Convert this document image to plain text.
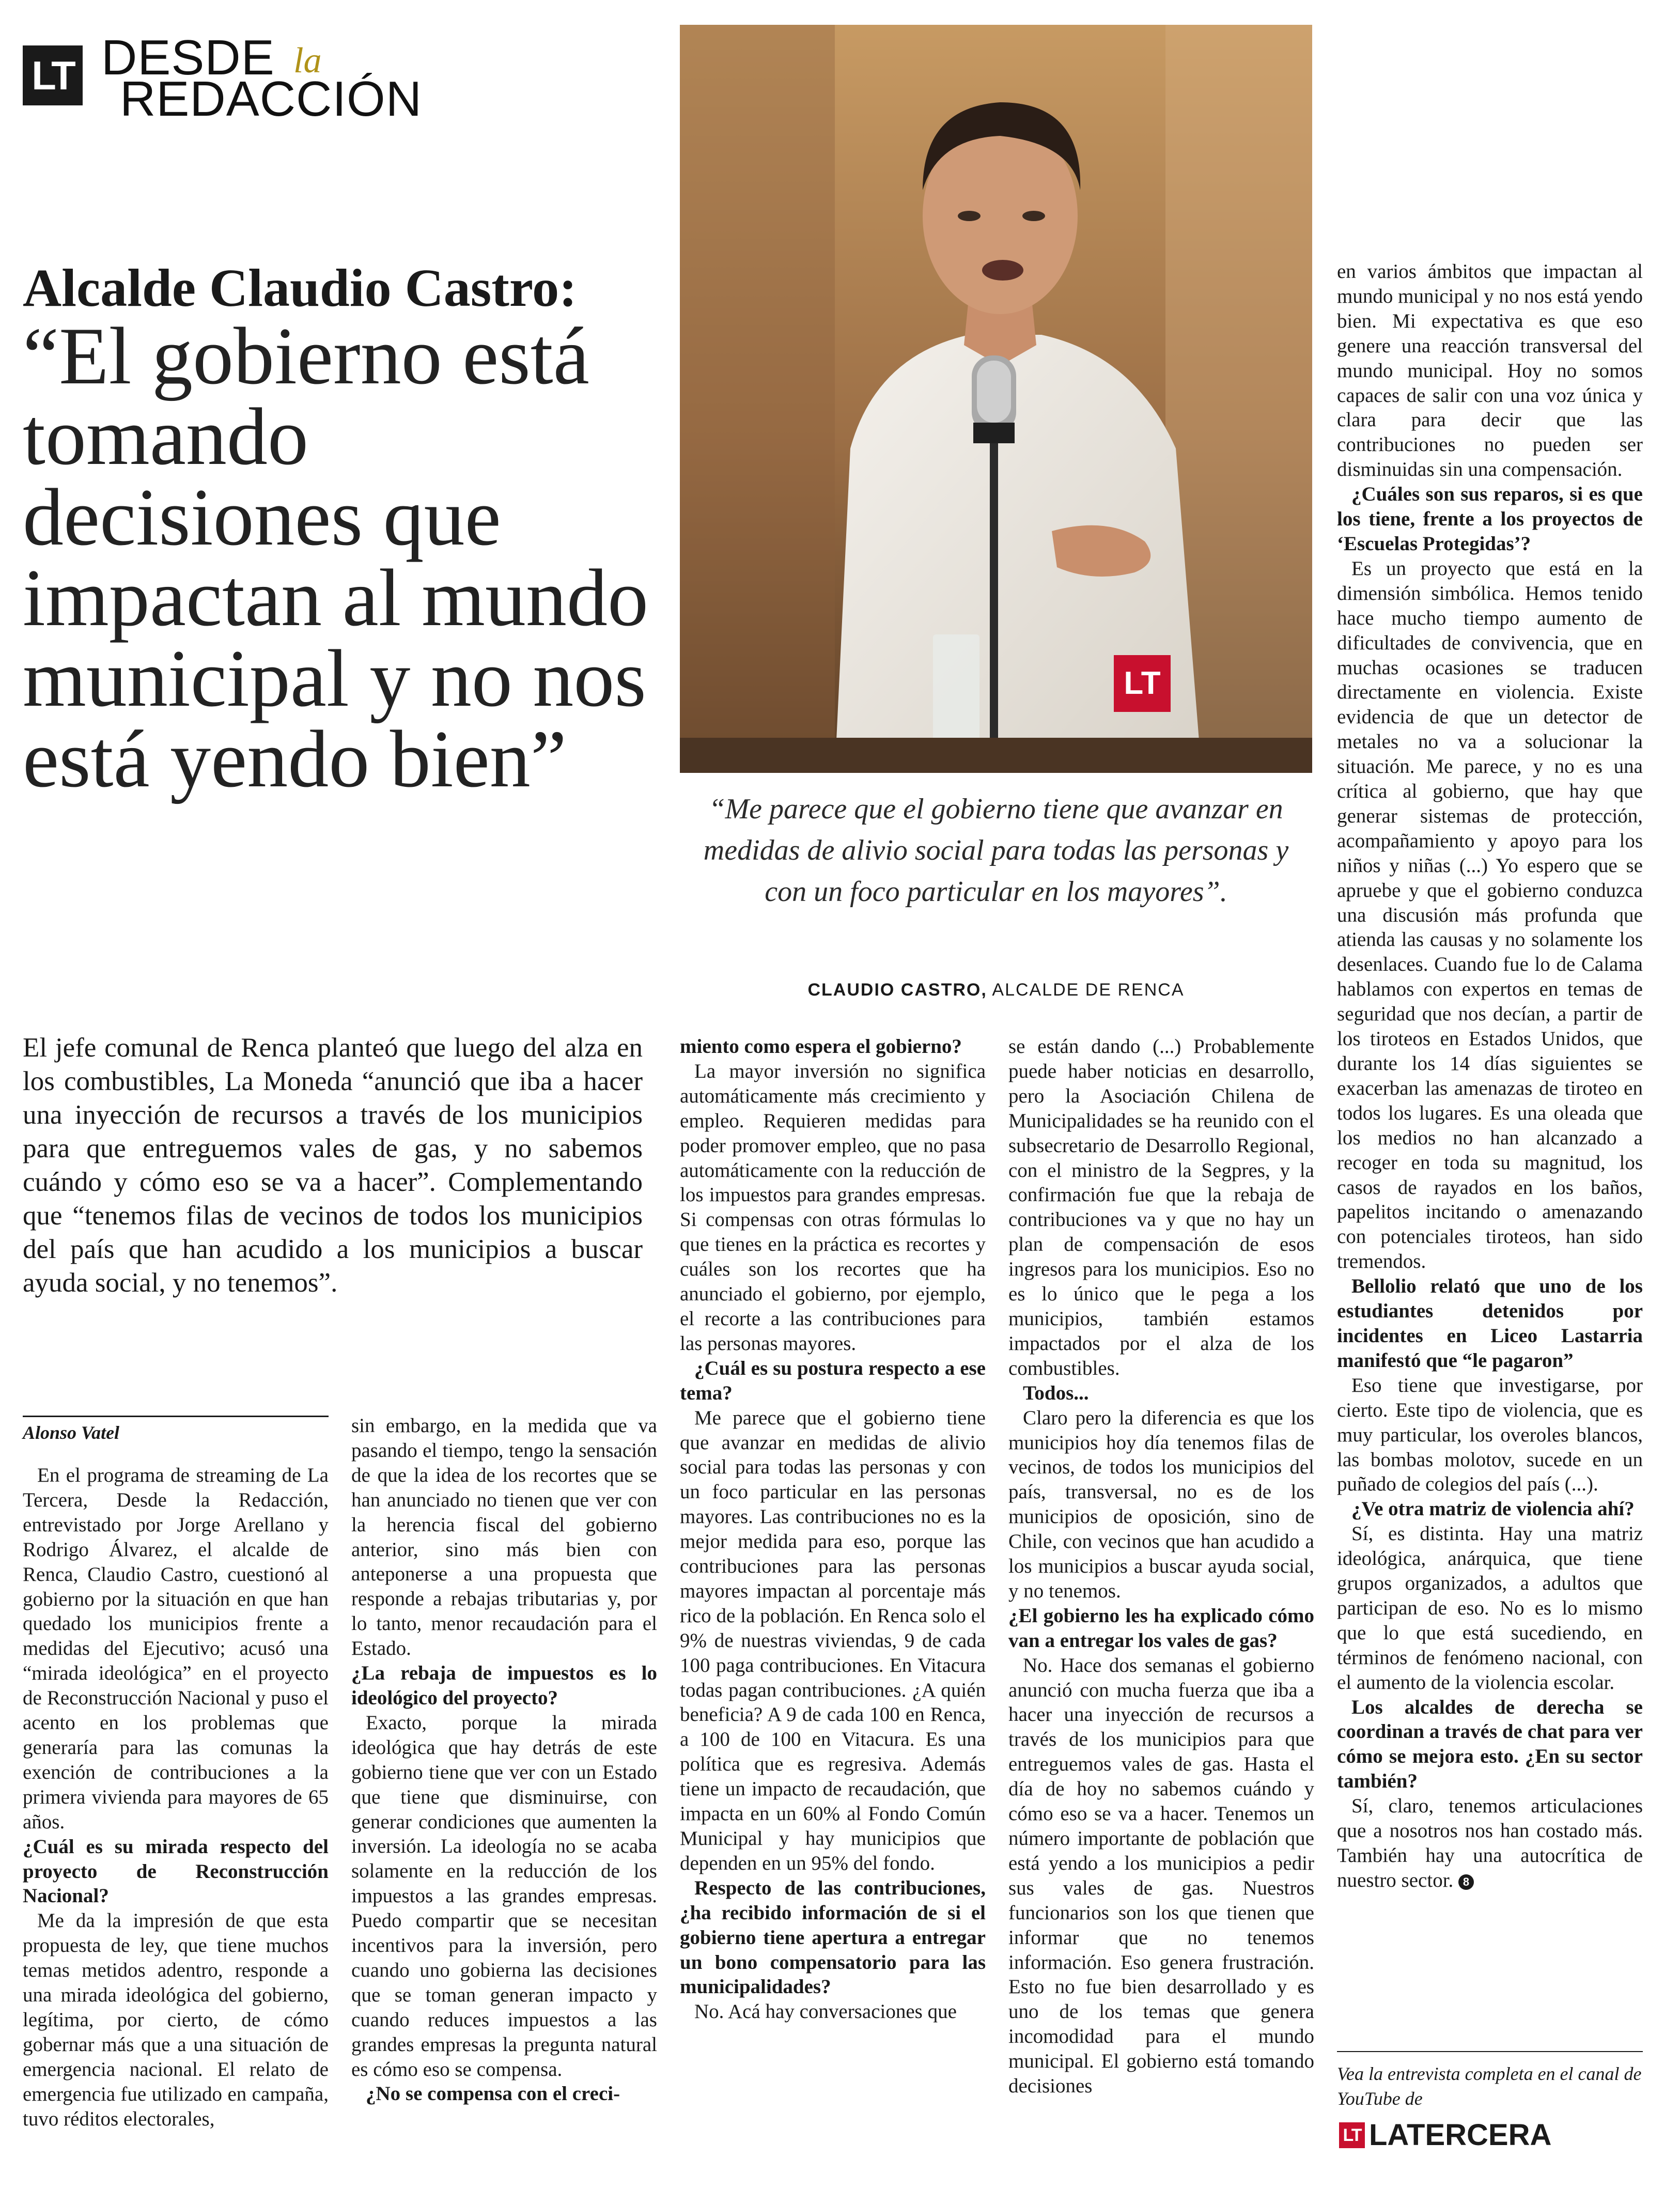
LT DESDE la
REDACCIÓN
Alcalde Claudio Castro:
“El gobierno está tomando decisiones que impactan al mundo municipal y no nos está yendo bien”
El jefe comunal de Renca planteó que luego del alza en los combustibles, La Moneda “anunció que iba a hacer una inyección de recursos a través de los municipios para que entreguemos vales de gas, y no sabemos cuándo y cómo eso se va a hacer”. Complementando que “tenemos filas de vecinos de todos los municipios del país que han acudido a los municipios a buscar ayuda social, y no tenemos”.
LT
“Me parece que el gobierno tiene que avanzar en medidas de alivio social para todas las personas y con un foco particular en los mayores”.
CLAUDIO CASTRO, ALCALDE DE RENCA
Alonso Vatel

En el programa de streaming de La Tercera, Desde la Redacción, entrevistado por Jorge Arellano y Rodrigo Álvarez, el alcalde de Renca, Claudio Castro, cuestionó al gobierno por la situación en que han quedado los municipios frente a medidas del Ejecutivo; acusó una “mirada ideológica” en el proyecto de Reconstrucción Nacional y puso el acento en los problemas que generaría para las comunas la exención de contribuciones a la primera vivienda para mayores de 65 años.

¿Cuál es su mirada respecto del proyecto de Reconstrucción Nacional?

Me da la impresión de que esta propuesta de ley, que tiene muchos temas metidos adentro, responde a una mirada ideológica del gobierno, legítima, por cierto, de cómo gobernar más que a una situación de emergencia nacional. El relato de emergencia fue utilizado en campaña, tuvo réditos electorales,

sin embargo, en la medida que va pasando el tiempo, tengo la sensación de que la idea de los recortes que se han anunciado no tienen que ver con la herencia fiscal del gobierno anterior, sino más bien con anteponerse a una propuesta que responde a rebajas tributarias y, por lo tanto, menor recaudación para el Estado.

¿La rebaja de impuestos es lo ideológico del proyecto?

Exacto, porque la mirada ideológica que hay detrás de este gobierno tiene que ver con un Estado que tiene que disminuirse, con generar condiciones que aumenten la inversión. La ideología no se acaba solamente en la reducción de los impuestos a las grandes empresas. Puedo compartir que se necesitan incentivos para la inversión, pero cuando uno gobierna las decisiones que se toman generan impacto y cuando reduces impuestos a las grandes empresas la pregunta natural es cómo eso se compensa.

¿No se compensa con el creci-

miento como espera el gobierno?

La mayor inversión no significa automáticamente más crecimiento y empleo. Requieren medidas para poder promover empleo, que no pasa automáticamente con la reducción de los impuestos para grandes empresas. Si compensas con otras fórmulas lo que tienes en la práctica es recortes y cuáles son los recortes que ha anunciado el gobierno, por ejemplo, el recorte a las contribuciones para las personas mayores.

¿Cuál es su postura respecto a ese tema?

Me parece que el gobierno tiene que avanzar en medidas de alivio social para todas las personas y con un foco particular en las personas mayores. Las contribuciones no es la mejor medida para eso, porque las contribuciones para las personas mayores impactan al porcentaje más rico de la población. En Renca solo el 9% de nuestras viviendas, 9 de cada 100 paga contribuciones. En Vitacura todas pagan contribuciones. ¿A quién beneficia? A 9 de cada 100 en Renca, a 100 de 100 en Vitacura. Es una política que es regresiva. Además tiene un impacto de recaudación, que impacta en un 60% al Fondo Común Municipal y hay municipios que dependen en un 95% del fondo.

Respecto de las contribuciones, ¿ha recibido información de si el gobierno tiene apertura a entregar un bono compensatorio para las municipalidades?

No. Acá hay conversaciones que

se están dando (...) Probablemente puede haber noticias en desarrollo, pero la Asociación Chilena de Municipalidades se ha reunido con el subsecretario de Desarrollo Regional, con el ministro de la Segpres, y la confirmación fue que la rebaja de contribuciones va y que no hay un plan de compensación de esos ingresos para los municipios. Eso no es lo único que le pega a los municipios, también estamos impactados por el alza de los combustibles.

Todos...

Claro pero la diferencia es que los municipios hoy día tenemos filas de vecinos, de todos los municipios del país, transversal, no es de los municipios de oposición, sino de Chile, con vecinos que han acudido a los municipios a buscar ayuda social, y no tenemos.

¿El gobierno les ha explicado cómo van a entregar los vales de gas?

No. Hace dos semanas el gobierno anunció con mucha fuerza que iba a hacer una inyección de recursos a través de los municipios para que entreguemos vales de gas. Hasta el día de hoy no sabemos cuándo y cómo eso se va a hacer. Tenemos un número importante de población que está yendo a los municipios a pedir sus vales de gas. Nuestros funcionarios son los que tienen que informar que no tenemos información. Eso genera frustración. Esto no fue bien desarrollado y es uno de los temas que genera incomodidad para el mundo municipal. El gobierno está tomando decisiones

en varios ámbitos que impactan al mundo municipal y no nos está yendo bien. Mi expectativa es que eso genere una reacción transversal del mundo municipal. Hoy no somos capaces de salir con una voz única y clara para decir que las contribuciones no pueden ser disminuidas sin una compensación.

¿Cuáles son sus reparos, si es que los tiene, frente a los proyectos de ‘Escuelas Protegidas’?

Es un proyecto que está en la dimensión simbólica. Hemos tenido hace mucho tiempo aumento de dificultades de convivencia, que en muchas ocasiones se traducen directamente en violencia. Existe evidencia de que un detector de metales no va a solucionar la situación. Me parece, y no es una crítica al gobierno, que hay que generar sistemas de protección, acompañamiento y apoyo para los niños y niñas (...) Yo espero que se apruebe y que el gobierno conduzca una discusión más profunda que atienda las causas y no solamente los desenlaces. Cuando fue lo de Calama hablamos con expertos en temas de seguridad que nos decían, a partir de los tiroteos en Estados Unidos, que durante los 14 días siguientes se exacerban las amenazas de tiroteo en todos los lugares. Es una oleada que los medios no han alcanzado a recoger en toda su magnitud, los casos de rayados en los baños, papelitos incitando o amenazando con potenciales tiroteos, han sido tremendos.

Bellolio relató que uno de los estudiantes detenidos por incidentes en Liceo Lastarria manifestó que “le pagaron”

Eso tiene que investigarse, por cierto. Este tipo de violencia, que es muy particular, los overoles blancos, las bombas molotov, sucede en un puñado de colegios del país (...).

¿Ve otra matriz de violencia ahí?

Sí, es distinta. Hay una matriz ideológica, anárquica, que tiene grupos organizados, a adultos que participan de eso. No es lo mismo que lo que está sucediendo, en términos de fenómeno nacional, con el aumento de la violencia escolar.

Los alcaldes de derecha se coordinan a través de chat para ver cómo se mejora esto. ¿En su sector también?

Sí, claro, tenemos articulaciones que a nosotros nos han costado más. También hay una autocrítica de nuestro sector. 8

Vea la entrevista completa en el canal de YouTube de
LT LATERCERA
